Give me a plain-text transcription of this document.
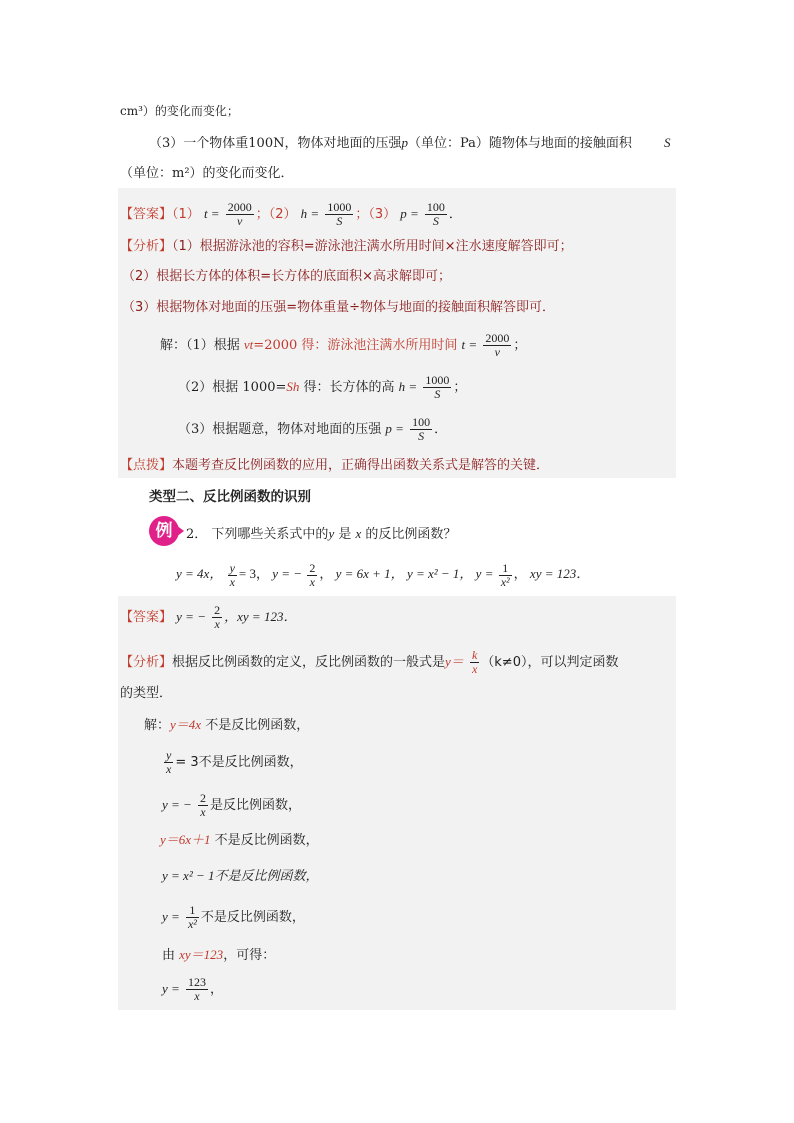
cm³）的变化而变化；
（3）一个物体重100N，物体对地面的压强p（单位：Pa）随物体与地面的接触面积 S
（单位：m²）的变化而变化．
【答案】（1） $t = \frac{2000}{v}$ ；（2） $h = \frac{1000}{S}$ ；（3） $p = \frac{100}{S}$ ．
【分析】（1）根据游泳池的容积=游泳池注满水所用时间×注水速度解答即可；
（2）根据长方体的体积=长方体的底面积×高求解即可；
（3）根据物体对地面的压强=物体重量÷物体与地面的接触面积解答即可．
解：（1）根据 vt=2000 得：游泳池注满水所用时间 $t = \frac{2000}{v}$ ；
（2）根据 1000=Sh 得：长方体的高 $h = \frac{1000}{S}$ ；
（3）根据题意，物体对地面的压强 $p = \frac{100}{S}$ ．
【点拨】本题考查反比例函数的应用，正确得出函数关系式是解答的关键．
类型二、反比例函数的识别
例	2． 下列哪些关系式中的y 是 x 的反比例函数？
y = 4x， $\frac{y}{x} = 3$， y = − $\frac{2}{x}$ ， y = 6x + 1， y = x² − 1， $y = \frac{1}{\text{x²}}$ ， xy = 123．
【答案】 y = − $\frac{2}{x}$ ，xy = 123．
【分析】根据反比例函数的定义，反比例函数的一般式是$y= \frac{k}{x} (k\ne 0)$，可以判定函数
的类型．
解：y＝4x 不是反比例函数，
$\frac{y}{x} = 3$不是反比例函数，
y = − $\frac{2}{x}$ 是反比例函数，
y＝6x＋1 不是反比例函数，
y = x² − 1不是反比例函数，
$y = \frac{1}{\text{x²}}$ 不是反比例函数，
由 xy＝123，可得：
$y = \frac{123}{x}$ ，
